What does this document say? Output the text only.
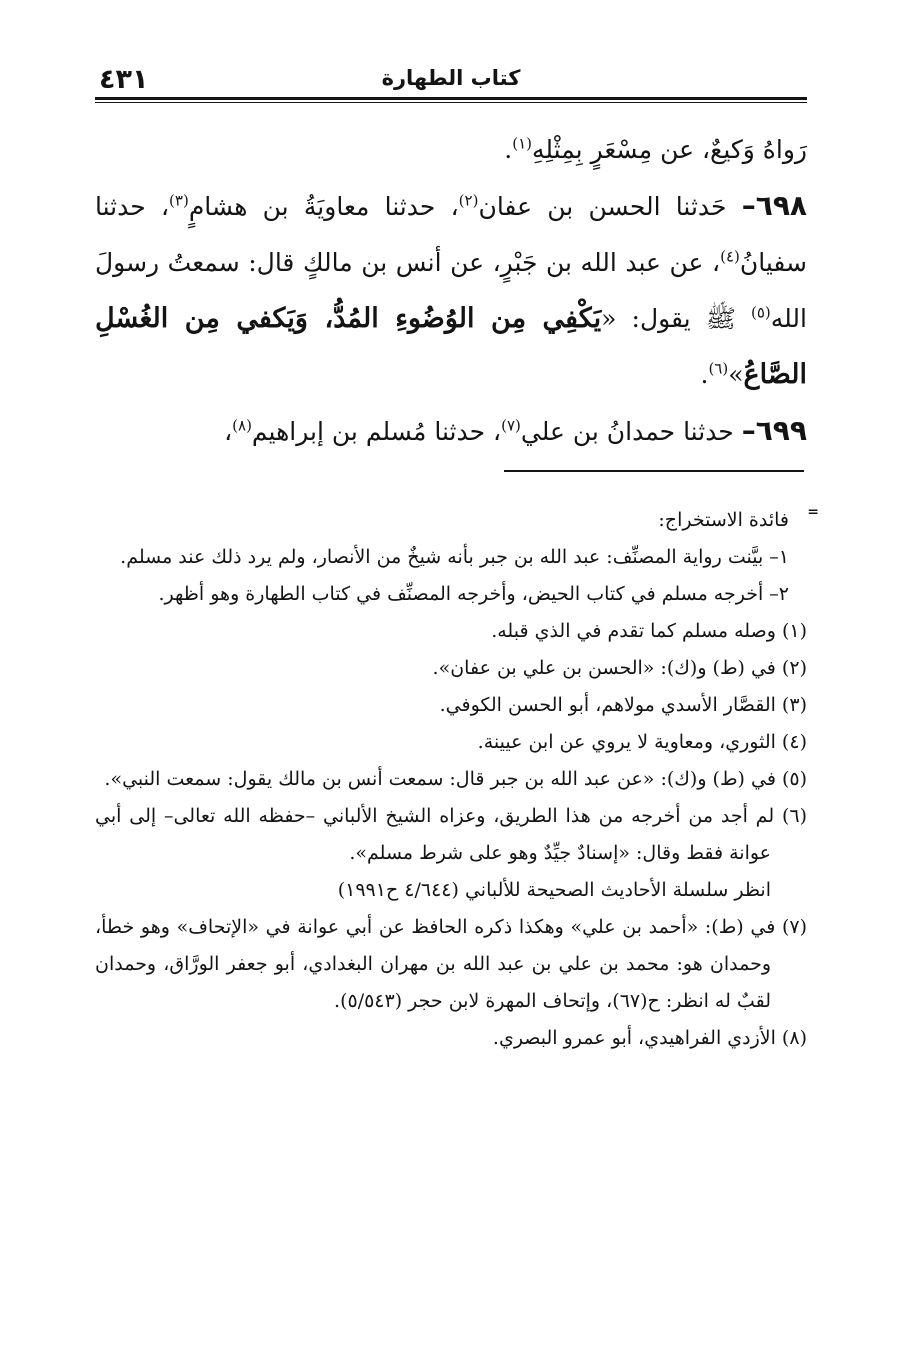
٤٣١	كتاب الطهارة

رَواهُ وَكيعٌ، عن مِسْعَرٍ بِمِثْلِهِ$^{(١)}$.

٦٩٨– حَدثنا الحسن بن عفان$^{(٢)}$، حدثنا معاويَةُ بن هشامٍ$^{(٣)}$، حدثنا سفيانُ$^{(٤)}$، عن عبد الله بن جَبْرٍ، عن أنس بن مالكٍ قال: سمعتُ رسولَ الله$^{(٥)}$ ﷺ يقول: «يَكْفِي مِن الوُضُوءِ المُدُّ، وَيَكفي مِن الغُسْلِ الصَّاعُ»$^{(٦)}$.

٦٩٩– حدثنا حمدانُ بن علي$^{(٧)}$، حدثنا مُسلم بن إبراهيم$^{(٨)}$،

=

فائدة الاستخراج:

١– بيَّنت رواية المصنِّف: عبد الله بن جبر بأنه شيخٌ من الأنصار، ولم يرد ذلك عند مسلم.

٢– أخرجه مسلم في كتاب الحيض، وأخرجه المصنِّف في كتاب الطهارة وهو أظهر.

(١) وصله مسلم كما تقدم في الذي قبله.

(٢) في (ط) و(ك): «الحسن بن علي بن عفان».

(٣) القصَّار الأسدي مولاهم، أبو الحسن الكوفي.

(٤) الثوري، ومعاوية لا يروي عن ابن عيينة.

(٥) في (ط) و(ك): «عن عبد الله بن جبر قال: سمعت أنس بن مالك يقول: سمعت النبي».

(٦) لم أجد من أخرجه من هذا الطريق، وعزاه الشيخ الألباني –حفظه الله تعالى– إلى أبي عوانة فقط وقال: «إسنادٌ جيِّدٌ وهو على شرط مسلم».

انظر سلسلة الأحاديث الصحيحة للألباني (٤/٦٤٤ ح١٩٩١)

(٧) في (ط): «أحمد بن علي» وهكذا ذكره الحافظ عن أبي عوانة في «الإتحاف» وهو خطأ، وحمدان هو: محمد بن علي بن عبد الله بن مهران البغدادي، أبو جعفر الورَّاق، وحمدان لقبٌ له انظر: ح(٦٧)، وإتحاف المهرة لابن حجر (٥/٥٤٣).

(٨) الأزدي الفراهيدي، أبو عمرو البصري.
